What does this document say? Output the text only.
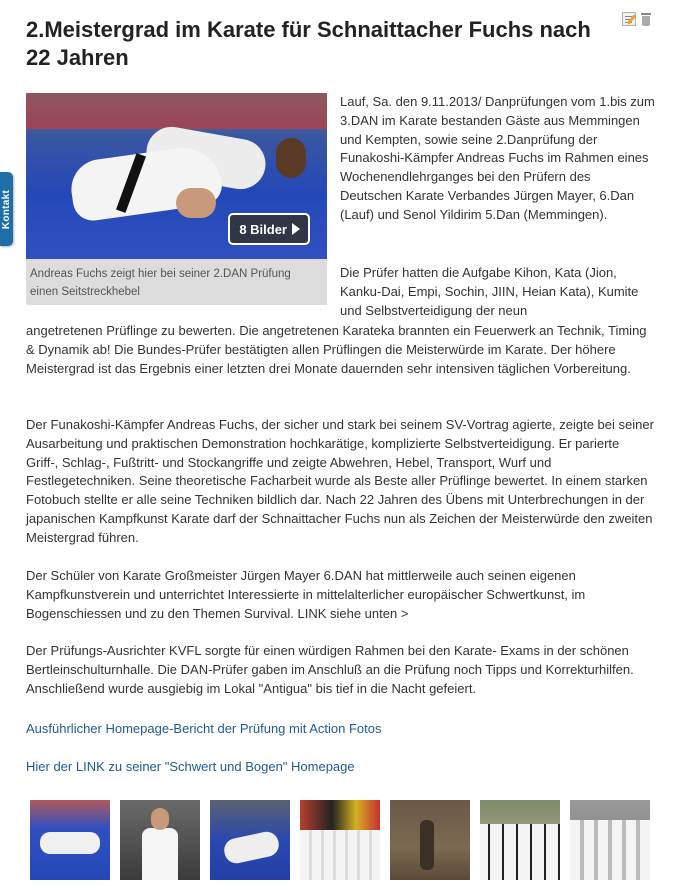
Kontakt
2.Meistergrad im Karate für Schnaittacher Fuchs nach 22 Jahren
8 Bilder
Andreas Fuchs zeigt hier bei seiner 2.DAN Prüfung einen Seitstreckhebel

Lauf, Sa. den 9.11.2013/ Danprüfungen vom 1.bis zum 3.DAN im Karate bestanden Gäste aus Memmingen und Kempten, sowie seine 2.Danprüfung der Funakoshi-Kämpfer Andreas Fuchs im Rahmen eines Wochenendlehrganges bei den Prüfern des Deutschen Karate Verbandes Jürgen Mayer, 6.Dan (Lauf) und Senol Yildirim 5.Dan (Memmingen).

Die Prüfer hatten die Aufgabe Kihon, Kata (Jion, Kanku-Dai, Empi, Sochin, JIIN, Heian Kata), Kumite und Selbstverteidigung der neun

angetretenen Prüflinge zu bewerten. Die angetretenen Karateka brannten ein Feuerwerk an Technik, Timing & Dynamik ab! Die Bundes-Prüfer bestätigten allen Prüflingen die Meisterwürde im Karate. Der höhere Meistergrad ist das Ergebnis einer letzten drei Monate dauernden sehr intensiven täglichen Vorbereitung.

Der Funakoshi-Kämpfer Andreas Fuchs, der sicher und stark bei seinem SV-Vortrag agierte, zeigte bei seiner Ausarbeitung und praktischen Demonstration hochkarätige, komplizierte Selbstverteidigung. Er parierte Griff-, Schlag-, Fußtritt- und Stockangriffe und zeigte Abwehren, Hebel, Transport, Wurf und Festlegetechniken. Seine theoretische Facharbeit wurde als Beste aller Prüflinge bewertet. In einem starken Fotobuch stellte er alle seine Techniken bildlich dar. Nach 22 Jahren des Übens mit Unterbrechungen in der japanischen Kampfkunst Karate darf der Schnaittacher Fuchs nun als Zeichen der Meisterwürde den zweiten Meistergrad führen.

Der Schüler von Karate Großmeister Jürgen Mayer 6.DAN hat mittlerweile auch seinen eigenen Kampfkunstverein und unterrichtet Interessierte in mittelalterlicher europäischer Schwertkunst, im Bogenschiessen und zu den Themen Survival. LINK siehe unten >

Der Prüfungs-Ausrichter KVFL sorgte für einen würdigen Rahmen bei den Karate- Exams in der schönen Bertleinschulturnhalle. Die DAN-Prüfer gaben im Anschluß an die Prüfung noch Tipps und Korrekturhilfen. Anschließend wurde ausgiebig im Lokal "Antigua" bis tief in die Nacht gefeiert.

Ausführlicher Homepage-Bericht der Prüfung mit Action Fotos
Hier der LINK zu seiner "Schwert und Bogen" Homepage
